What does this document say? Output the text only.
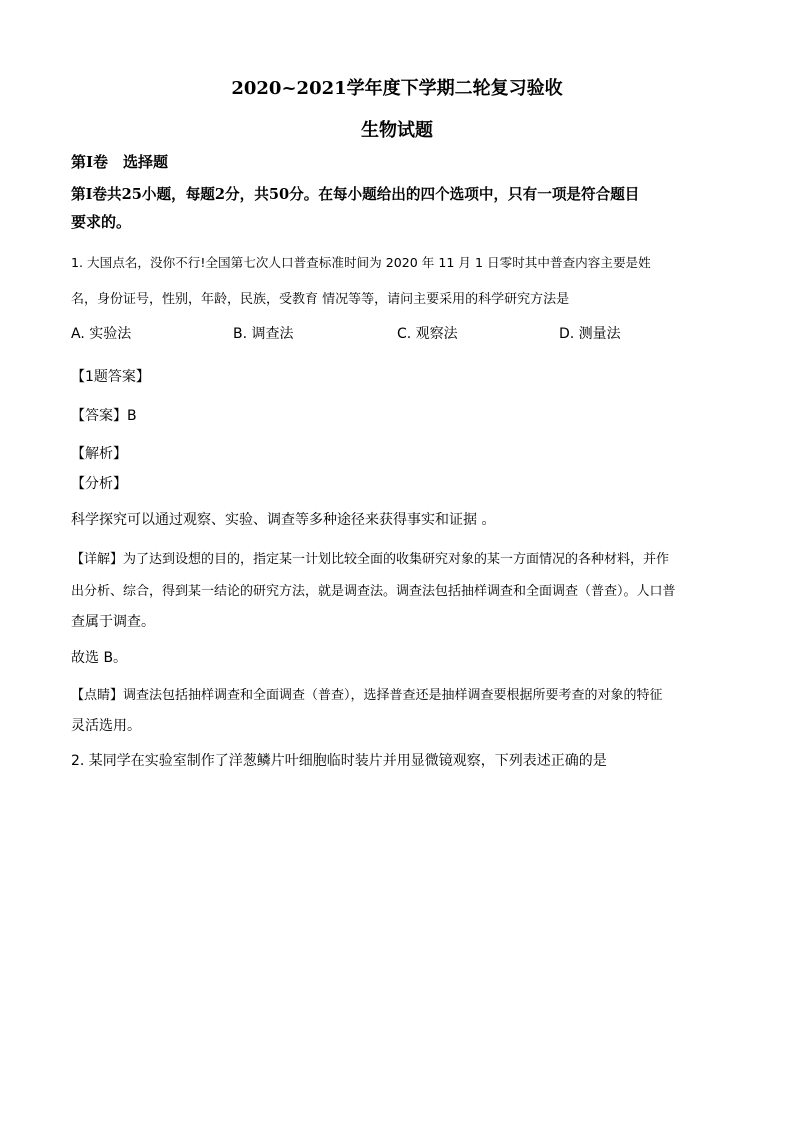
2020~2021学年度下学期二轮复习验收
生物试题
第Ⅰ卷　选择题
第Ⅰ卷共25小题，每题2分，共50分。在每小题给出的四个选项中，只有一项是符合题目
要求的。
1. 大国点名，没你不行!全国第七次人口普查标准时间为 2020 年 11 月 1 日零时其中普查内容主要是姓
名，身份证号，性别，年龄，民族，受教育 情况等等，请问主要采用的科学研究方法是
A. 实验法	B. 调查法	C. 观察法	D. 测量法
【1题答案】
【答案】B
【解析】
【分析】
科学探究可以通过观察、实验、调查等多种途径来获得事实和证据 。
【详解】为了达到设想的目的，指定某一计划比较全面的收集研究对象的某一方面情况的各种材料，并作
出分析、综合，得到某一结论的研究方法，就是调查法。调查法包括抽样调查和全面调查（普查）。人口普
查属于调查。
故选 B。
【点睛】调查法包括抽样调查和全面调查（普查），选择普查还是抽样调查要根据所要考查的对象的特征
灵活选用。
2. 某同学在实验室制作了洋葱鳞片叶细胞临时装片并用显微镜观察，下列表述正确的是
